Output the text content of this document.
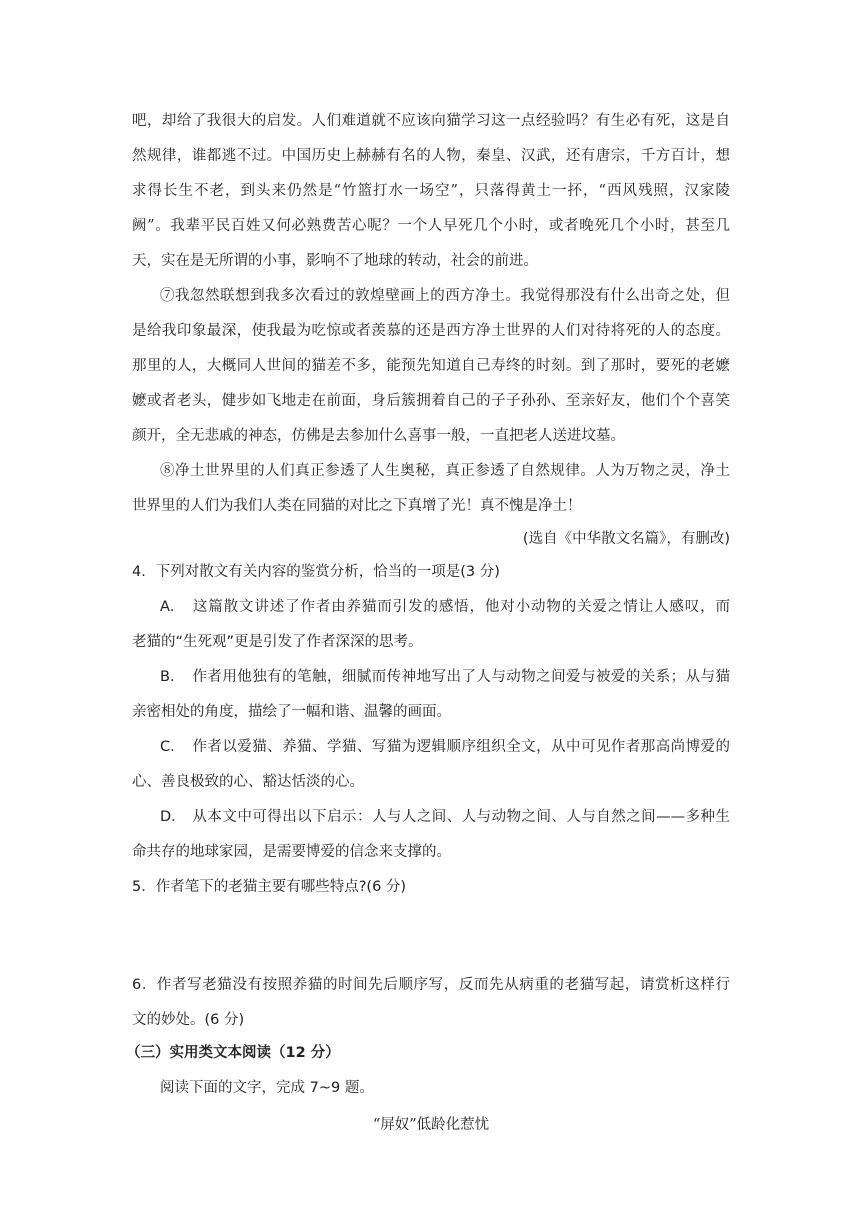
吧，却给了我很大的启发。人们难道就不应该向猫学习这一点经验吗？有生必有死，这是自
然规律，谁都逃不过。中国历史上赫赫有名的人物，秦皇、汉武，还有唐宗，千方百计，想
求得长生不老，到头来仍然是“竹篮打水一场空”，只落得黄土一抔，“西风残照，汉家陵
阙”。我辈平民百姓又何必熟费苦心呢？一个人早死几个小时，或者晚死几个小时，甚至几
天，实在是无所谓的小事，影响不了地球的转动，社会的前进。
⑦我忽然联想到我多次看过的敦煌壁画上的西方净土。我觉得那没有什么出奇之处，但
是给我印象最深，使我最为吃惊或者羡慕的还是西方净土世界的人们对待将死的人的态度。
那里的人，大概同人世间的猫差不多，能预先知道自己寿终的时刻。到了那时，要死的老嬷
嬷或者老头，健步如飞地走在前面，身后簇拥着自己的子子孙孙、至亲好友，他们个个喜笑
颜开，全无悲戚的神态，仿佛是去参加什么喜事一般，一直把老人送进坟墓。
⑧净土世界里的人们真正参透了人生奥秘，真正参透了自然规律。人为万物之灵，净土
世界里的人们为我们人类在同猫的对比之下真增了光！真不愧是净土！
(选自《中华散文名篇》，有删改)
4．下列对散文有关内容的鉴赏分析，恰当的一项是(3 分)
A． 这篇散文讲述了作者由养猫而引发的感悟，他对小动物的关爱之情让人感叹，而
老猫的“生死观”更是引发了作者深深的思考。
B． 作者用他独有的笔触，细腻而传神地写出了人与动物之间爱与被爱的关系；从与猫
亲密相处的角度，描绘了一幅和谐、温馨的画面。
C． 作者以爱猫、养猫、学猫、写猫为逻辑顺序组织全文，从中可见作者那高尚博爱的
心、善良极致的心、豁达恬淡的心。
D． 从本文中可得出以下启示：人与人之间、人与动物之间、人与自然之间——多种生
命共存的地球家园，是需要博爱的信念来支撑的。
5．作者笔下的老猫主要有哪些特点?(6 分)
6．作者写老猫没有按照养猫的时间先后顺序写，反而先从病重的老猫写起，请赏析这样行
文的妙处。(6 分)
（三）实用类文本阅读（12 分）
阅读下面的文字，完成 7~9 题。
“屏奴”低龄化惹忧
